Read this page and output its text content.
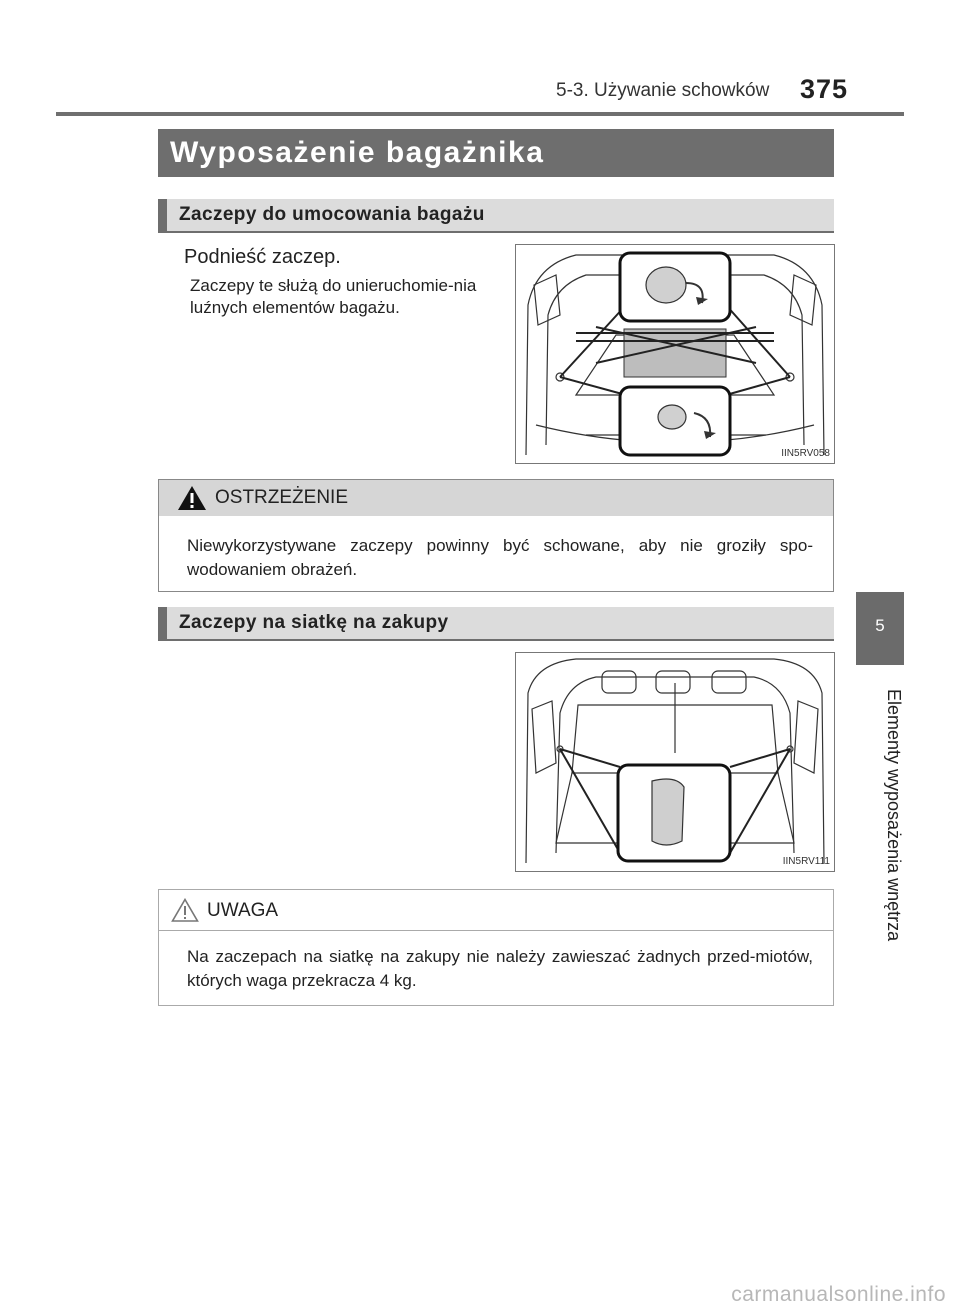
5-3. Używanie schowków 375
5
Elementy wyposażenia wnętrza
Wyposażenie bagażnika
Zaczepy do umocowania bagażu
Podnieść zaczep.
Zaczepy te służą do unieruchomie-nia luźnych elementów bagażu.
IIN5RV058
OSTRZEŻENIE
Niewykorzystywane zaczepy powinny być schowane, aby nie groziły spo-wodowaniem obrażeń.
Zaczepy na siatkę na zakupy
IIN5RV111
UWAGA
Na zaczepach na siatkę na zakupy nie należy zawieszać żadnych przed-miotów, których waga przekracza 4 kg.
carmanualsonline.info
